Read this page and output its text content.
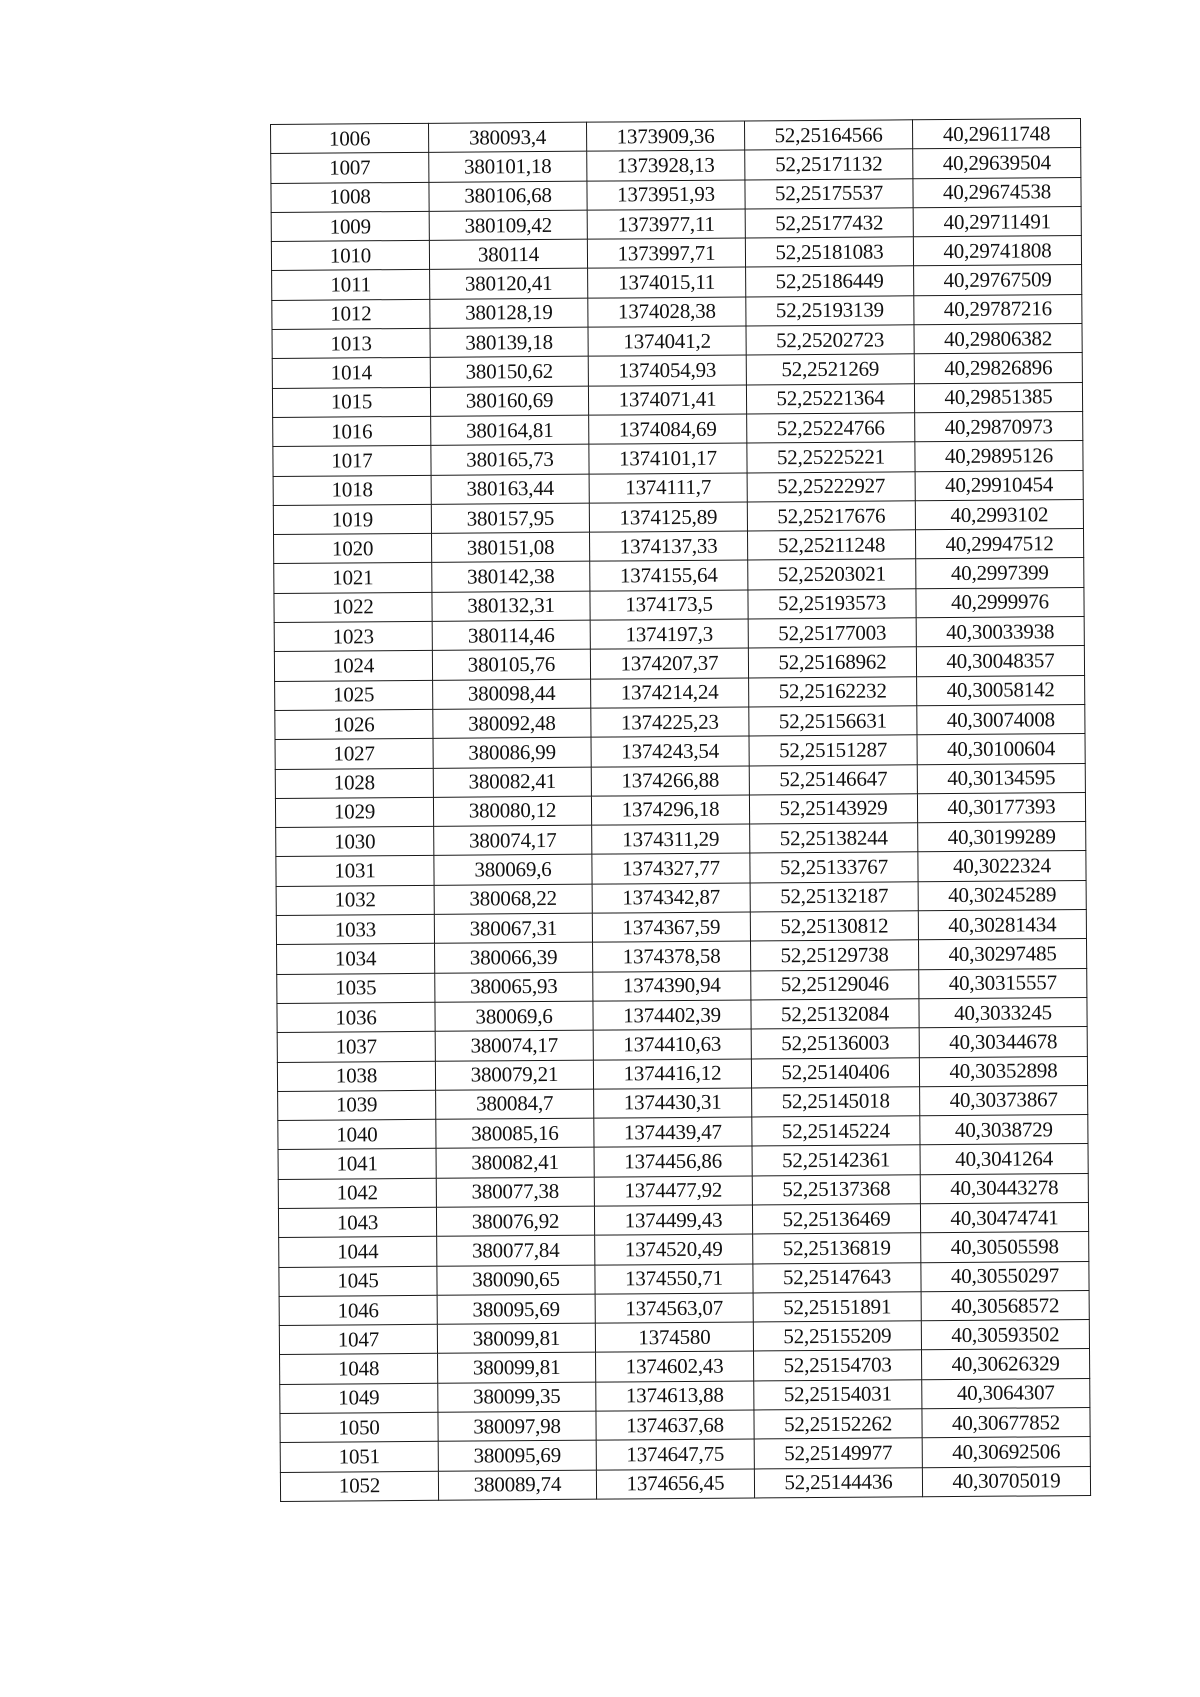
1006	380093,4	1373909,36	52,25164566	40,29611748
1007	380101,18	1373928,13	52,25171132	40,29639504
1008	380106,68	1373951,93	52,25175537	40,29674538
1009	380109,42	1373977,11	52,25177432	40,29711491
1010	380114	1373997,71	52,25181083	40,29741808
1011	380120,41	1374015,11	52,25186449	40,29767509
1012	380128,19	1374028,38	52,25193139	40,29787216
1013	380139,18	1374041,2	52,25202723	40,29806382
1014	380150,62	1374054,93	52,2521269	40,29826896
1015	380160,69	1374071,41	52,25221364	40,29851385
1016	380164,81	1374084,69	52,25224766	40,29870973
1017	380165,73	1374101,17	52,25225221	40,29895126
1018	380163,44	1374111,7	52,25222927	40,29910454
1019	380157,95	1374125,89	52,25217676	40,2993102
1020	380151,08	1374137,33	52,25211248	40,29947512
1021	380142,38	1374155,64	52,25203021	40,2997399
1022	380132,31	1374173,5	52,25193573	40,2999976
1023	380114,46	1374197,3	52,25177003	40,30033938
1024	380105,76	1374207,37	52,25168962	40,30048357
1025	380098,44	1374214,24	52,25162232	40,30058142
1026	380092,48	1374225,23	52,25156631	40,30074008
1027	380086,99	1374243,54	52,25151287	40,30100604
1028	380082,41	1374266,88	52,25146647	40,30134595
1029	380080,12	1374296,18	52,25143929	40,30177393
1030	380074,17	1374311,29	52,25138244	40,30199289
1031	380069,6	1374327,77	52,25133767	40,3022324
1032	380068,22	1374342,87	52,25132187	40,30245289
1033	380067,31	1374367,59	52,25130812	40,30281434
1034	380066,39	1374378,58	52,25129738	40,30297485
1035	380065,93	1374390,94	52,25129046	40,30315557
1036	380069,6	1374402,39	52,25132084	40,3033245
1037	380074,17	1374410,63	52,25136003	40,30344678
1038	380079,21	1374416,12	52,25140406	40,30352898
1039	380084,7	1374430,31	52,25145018	40,30373867
1040	380085,16	1374439,47	52,25145224	40,3038729
1041	380082,41	1374456,86	52,25142361	40,3041264
1042	380077,38	1374477,92	52,25137368	40,30443278
1043	380076,92	1374499,43	52,25136469	40,30474741
1044	380077,84	1374520,49	52,25136819	40,30505598
1045	380090,65	1374550,71	52,25147643	40,30550297
1046	380095,69	1374563,07	52,25151891	40,30568572
1047	380099,81	1374580	52,25155209	40,30593502
1048	380099,81	1374602,43	52,25154703	40,30626329
1049	380099,35	1374613,88	52,25154031	40,3064307
1050	380097,98	1374637,68	52,25152262	40,30677852
1051	380095,69	1374647,75	52,25149977	40,30692506
1052	380089,74	1374656,45	52,25144436	40,30705019
